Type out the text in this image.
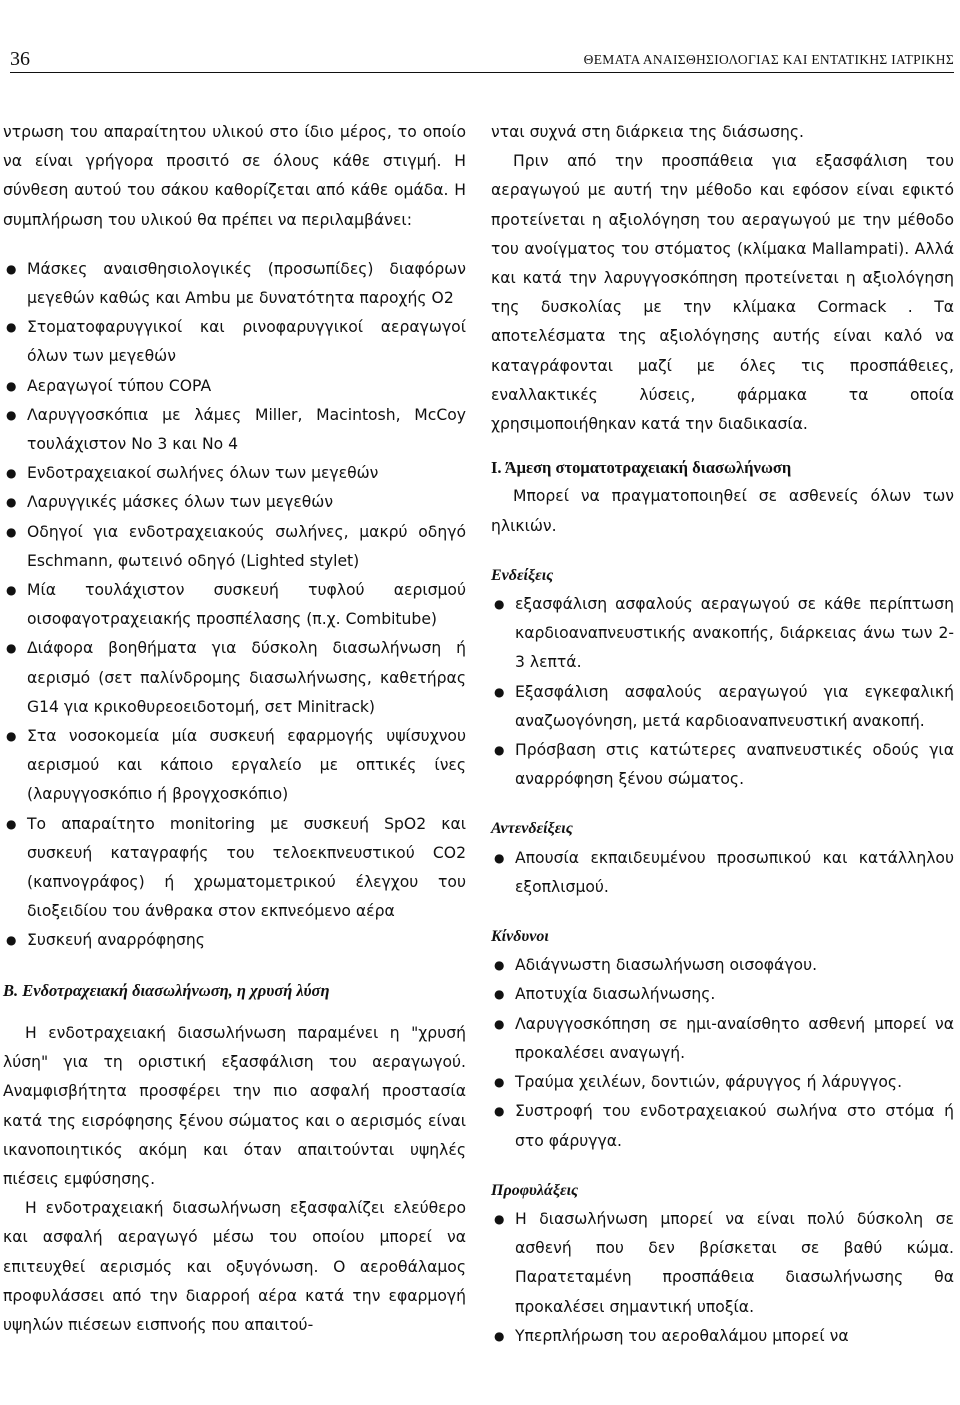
36	ΘΕΜΑΤΑ ΑΝΑΙΣΘΗΣΙΟΛΟΓΙΑΣ ΚΑΙ ΕΝΤΑΤΙΚΗΣ ΙΑΤΡΙΚΗΣ

ντρωση του απαραίτητου υλικού στο ίδιο μέρος, το οποίο να είναι γρήγορα προσιτό σε όλους κάθε στιγμή. Η σύνθεση αυτού του σάκου καθορίζεται από κάθε ομάδα. Η συμπλήρωση του υλικού θα πρέπει να περιλαμβάνει:

● Μάσκες αναισθησιολογικές (προσωπίδες) διαφόρων μεγεθών καθώς και Ambu με δυνατότητα παροχής O2
● Στοματοφαρυγγικοί και ρινοφαρυγγικοί αεραγωγοί όλων των μεγεθών
● Αεραγωγοί τύπου COPA
● Λαρυγγοσκόπια με λάμες Miller, Macintosh, McCoy τουλάχιστον No 3 και No 4
● Ενδοτραχειακοί σωλήνες όλων των μεγεθών
● Λαρυγγικές μάσκες όλων των μεγεθών
● Οδηγοί για ενδοτραχειακούς σωλήνες, μακρύ οδηγό Eschmann, φωτεινό οδηγό (Lighted stylet)
● Μία τουλάχιστον συσκευή τυφλού αερισμού οισοφαγοτραχειακής προσπέλασης (π.χ. Combitube)
● Διάφορα βοηθήματα για δύσκολη διασωλήνωση ή αερισμό (σετ παλίνδρομης διασωλήνωσης, καθετήρας G14 για κρικοθυρεοειδοτομή, σετ Minitrack)
● Στα νοσοκομεία μία συσκευή εφαρμογής υψίσυχνου αερισμού και κάποιο εργαλείο με οπτικές ίνες (λαρυγγοσκόπιο ή βρογχοσκόπιο)
● Το απαραίτητο monitoring με συσκευή SpO2 και συσκευή καταγραφής του τελοεκπνευστικού CO2 (καπνογράφος) ή χρωματομετρικού έλεγχου του διοξειδίου του άνθρακα στον εκπνεόμενο αέρα
● Συσκευή αναρρόφησης

Β. Ενδοτραχειακή διασωλήνωση, η χρυσή λύση

Η ενδοτραχειακή διασωλήνωση παραμένει η "χρυσή λύση" για τη οριστική εξασφάλιση του αεραγωγού. Αναμφισβήτητα προσφέρει την πιο ασφαλή προστασία κατά της εισρόφησης ξένου σώματος και ο αερισμός είναι ικανοποιητικός ακόμη και όταν απαιτούνται υψηλές πιέσεις εμφύσησης.

Η ενδοτραχειακή διασωλήνωση εξασφαλίζει ελεύθερο και ασφαλή αεραγωγό μέσω του οποίου μπορεί να επιτευχθεί αερισμός και οξυγόνωση. Ο αεροθάλαμος προφυλάσσει από την διαρροή αέρα κατά την εφαρμογή υψηλών πιέσεων εισπνοής που απαιτού-

νται συχνά στη διάρκεια της διάσωσης.

Πριν από την προσπάθεια για εξασφάλιση του αεραγωγού με αυτή την μέθοδο και εφόσον είναι εφικτό προτείνεται η αξιολόγηση του αεραγωγού με την μέθοδο του ανοίγματος του στόματος (κλίμακα Mallampati). Αλλά και κατά την λαρυγγοσκόπηση προτείνεται η αξιολόγηση της δυσκολίας με την κλίμακα Cormack . Τα αποτελέσματα της αξιολόγησης αυτής είναι καλό να καταγράφονται μαζί με όλες τις προσπάθειες, εναλλακτικές λύσεις, φάρμακα τα οποία χρησιμοποιήθηκαν κατά την διαδικασία.

Ι. Άμεση στοματοτραχειακή διασωλήνωση

Μπορεί να πραγματοποιηθεί σε ασθενείς όλων των ηλικιών.

Ενδείξεις

● εξασφάλιση ασφαλούς αεραγωγού σε κάθε περίπτωση καρδιοαναπνευστικής ανακοπής, διάρκειας άνω των 2-3 λεπτά.
● Εξασφάλιση ασφαλούς αεραγωγού για εγκεφαλική αναζωογόνηση, μετά καρδιοαναπνευστική ανακοπή.
● Πρόσβαση στις κατώτερες αναπνευστικές οδούς για αναρρόφηση ξένου σώματος.

Αντενδείξεις

● Απουσία εκπαιδευμένου προσωπικού και κατάλληλου εξοπλισμού.

Κίνδυνοι

● Αδιάγνωστη διασωλήνωση οισοφάγου.
● Αποτυχία διασωλήνωσης.
● Λαρυγγοσκόπηση σε ημι-αναίσθητο ασθενή μπορεί να προκαλέσει αναγωγή.
● Τραύμα χειλέων, δοντιών, φάρυγγος ή λάρυγγος.
● Συστροφή του ενδοτραχειακού σωλήνα στο στόμα ή στο φάρυγγα.

Προφυλάξεις

● Η διασωλήνωση μπορεί να είναι πολύ δύσκολη σε ασθενή που δεν βρίσκεται σε βαθύ κώμα. Παρατεταμένη προσπάθεια διασωλήνωσης θα προκαλέσει σημαντική υποξία.
● Υπερπλήρωση του αεροθαλάμου μπορεί να
